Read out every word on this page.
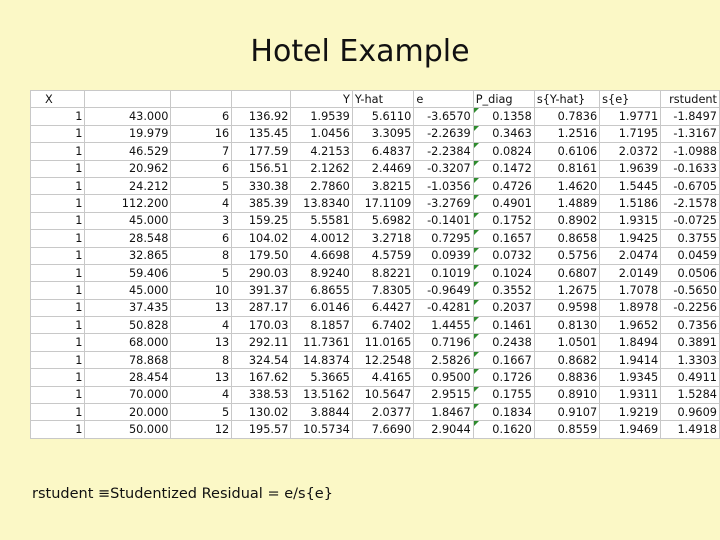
Hotel Example
X				Y	Y-hat	e	P_diag	s{Y-hat}	s{e}	rstudent
1	43.000	6	136.92	1.9539	5.6110	-3.6570	0.1358	0.7836	1.9771	-1.8497
1	19.979	16	135.45	1.0456	3.3095	-2.2639	0.3463	1.2516	1.7195	-1.3167
1	46.529	7	177.59	4.2153	6.4837	-2.2384	0.0824	0.6106	2.0372	-1.0988
1	20.962	6	156.51	2.1262	2.4469	-0.3207	0.1472	0.8161	1.9639	-0.1633
1	24.212	5	330.38	2.7860	3.8215	-1.0356	0.4726	1.4620	1.5445	-0.6705
1	112.200	4	385.39	13.8340	17.1109	-3.2769	0.4901	1.4889	1.5186	-2.1578
1	45.000	3	159.25	5.5581	5.6982	-0.1401	0.1752	0.8902	1.9315	-0.0725
1	28.548	6	104.02	4.0012	3.2718	0.7295	0.1657	0.8658	1.9425	0.3755
1	32.865	8	179.50	4.6698	4.5759	0.0939	0.0732	0.5756	2.0474	0.0459
1	59.406	5	290.03	8.9240	8.8221	0.1019	0.1024	0.6807	2.0149	0.0506
1	45.000	10	391.37	6.8655	7.8305	-0.9649	0.3552	1.2675	1.7078	-0.5650
1	37.435	13	287.17	6.0146	6.4427	-0.4281	0.2037	0.9598	1.8978	-0.2256
1	50.828	4	170.03	8.1857	6.7402	1.4455	0.1461	0.8130	1.9652	0.7356
1	68.000	13	292.11	11.7361	11.0165	0.7196	0.2438	1.0501	1.8494	0.3891
1	78.868	8	324.54	14.8374	12.2548	2.5826	0.1667	0.8682	1.9414	1.3303
1	28.454	13	167.62	5.3665	4.4165	0.9500	0.1726	0.8836	1.9345	0.4911
1	70.000	4	338.53	13.5162	10.5647	2.9515	0.1755	0.8910	1.9311	1.5284
1	20.000	5	130.02	3.8844	2.0377	1.8467	0.1834	0.9107	1.9219	0.9609
1	50.000	12	195.57	10.5734	7.6690	2.9044	0.1620	0.8559	1.9469	1.4918
rstudent ≡Studentized Residual = e/s{e}
